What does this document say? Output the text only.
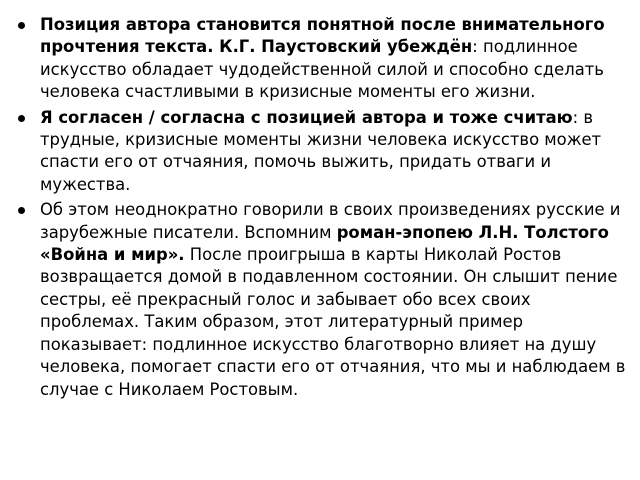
Позиция автора становится понятной после внимательного прочтения текста. К.Г. Паустовский убеждён: подлинное искусство обладает чудодейственной силой и способно сделать человека счастливыми в кризисные моменты его жизни.
Я согласен / согласна с позицией автора и тоже считаю: в трудные, кризисные моменты жизни человека искусство может спасти его от отчаяния, помочь выжить, придать отваги и мужества.
Об этом неоднократно говорили в своих произведениях русские и зарубежные писатели. Вспомним роман-эпопею Л.Н. Толстого «Война и мир». После проигрыша в карты Николай Ростов возвращается домой в подавленном состоянии. Он слышит пение сестры, её прекрасный голос и забывает обо всех своих проблемах. Таким образом, этот литературный пример показывает: подлинное искусство благотворно влияет на душу человека, помогает спасти его от отчаяния, что мы и наблюдаем в случае с Николаем Ростовым.
